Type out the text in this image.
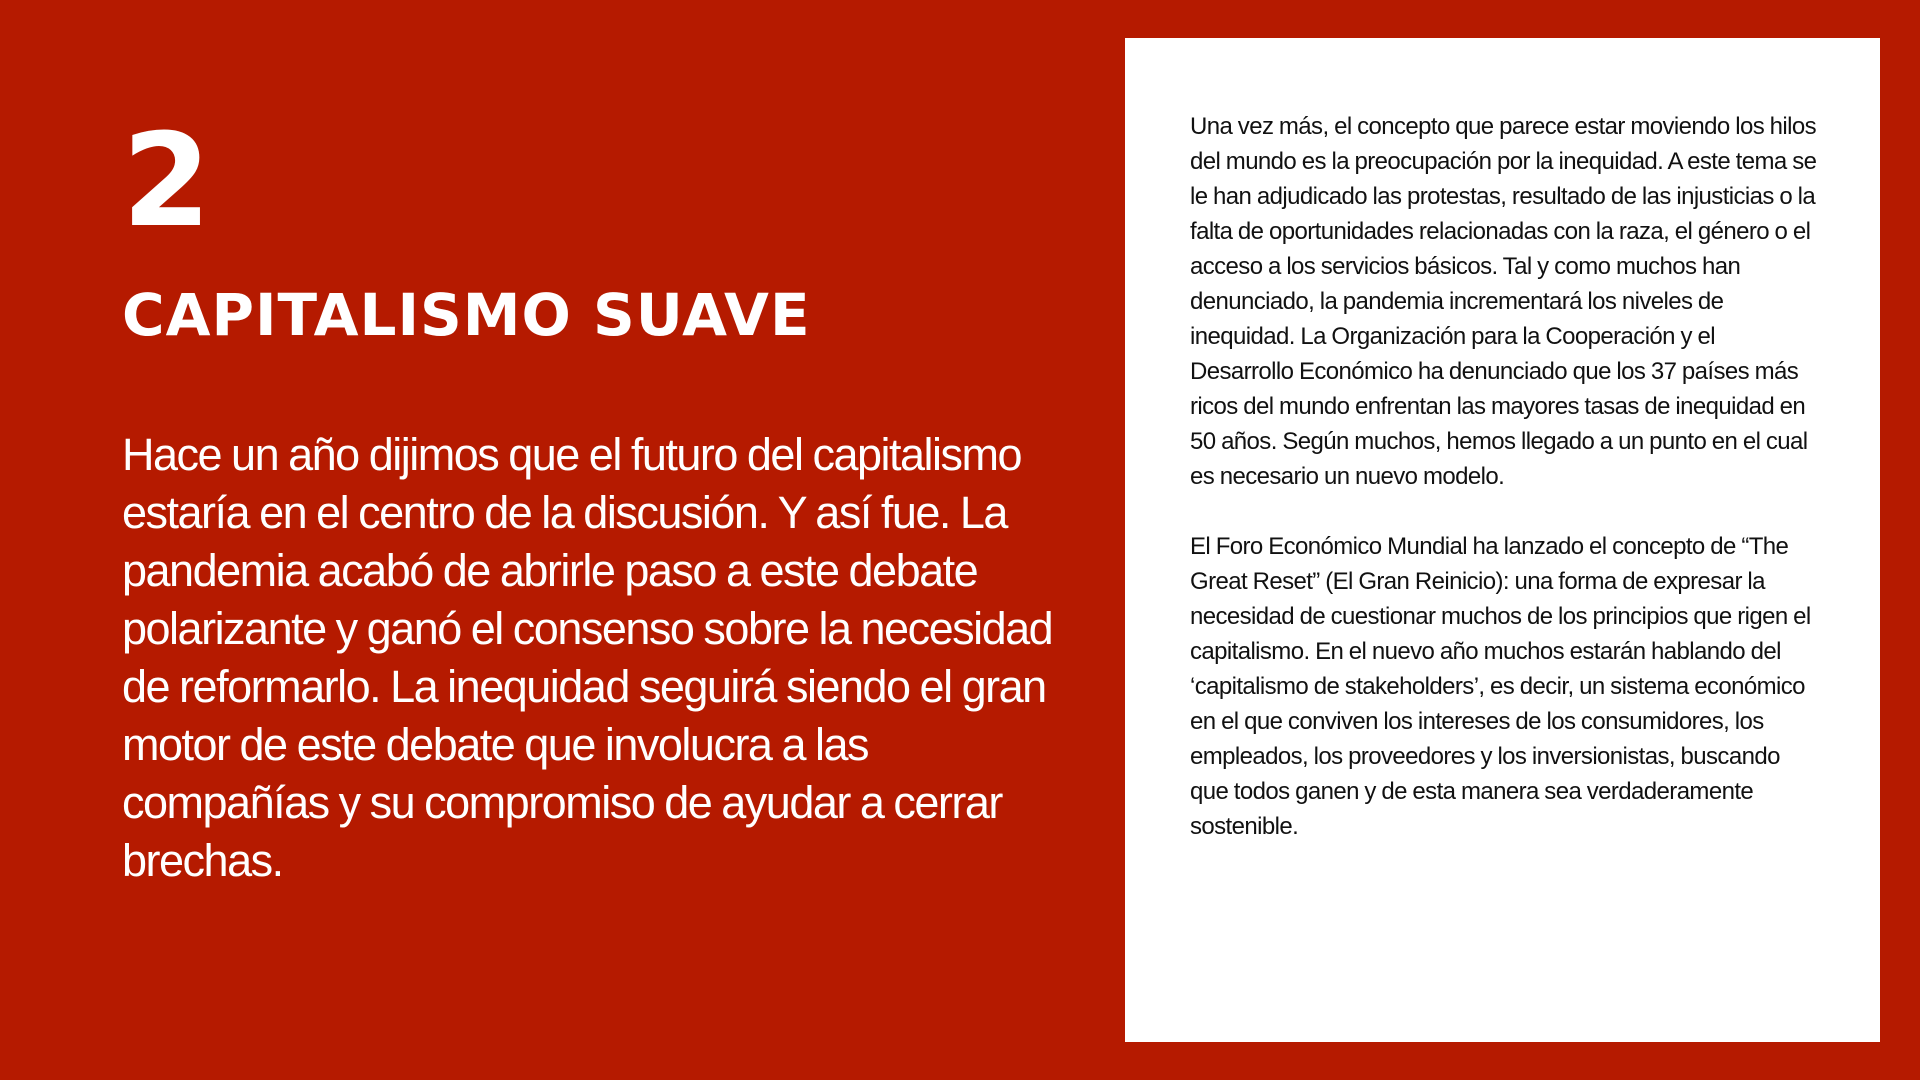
2
CAPITALISMO SUAVE

Hace un año dijimos que el futuro del capitalismo estaría en el centro de la discusión. Y así fue. La pandemia acabó de abrirle paso a este debate polarizante y ganó el consenso sobre la necesidad de reformarlo. La inequidad seguirá siendo el gran motor de este debate que involucra a las compañías y su compromiso de ayudar a cerrar brechas.

Una vez más, el concepto que parece estar moviendo los hilos del mundo es la preocupación por la inequidad. A este tema se le han adjudicado las protestas, resultado de las injusticias o la falta de oportunidades relacionadas con la raza, el género o el acceso a los servicios básicos. Tal y como muchos han denunciado, la pandemia incrementará los niveles de inequidad. La Organización para la Cooperación y el Desarrollo Económico ha denunciado que los 37 países más ricos del mundo enfrentan las mayores tasas de inequidad en 50 años. Según muchos, hemos llegado a un punto en el cual es necesario un nuevo modelo.

El Foro Económico Mundial ha lanzado el concepto de “The Great Reset” (El Gran Reinicio): una forma de expresar la necesidad de cuestionar muchos de los principios que rigen el capitalismo. En el nuevo año muchos estarán hablando del ‘capitalismo de stakeholders’, es decir, un sistema económico en el que conviven los intereses de los consumidores, los empleados, los proveedores y los inversionistas, buscando que todos ganen y de esta manera sea verdaderamente sostenible.
